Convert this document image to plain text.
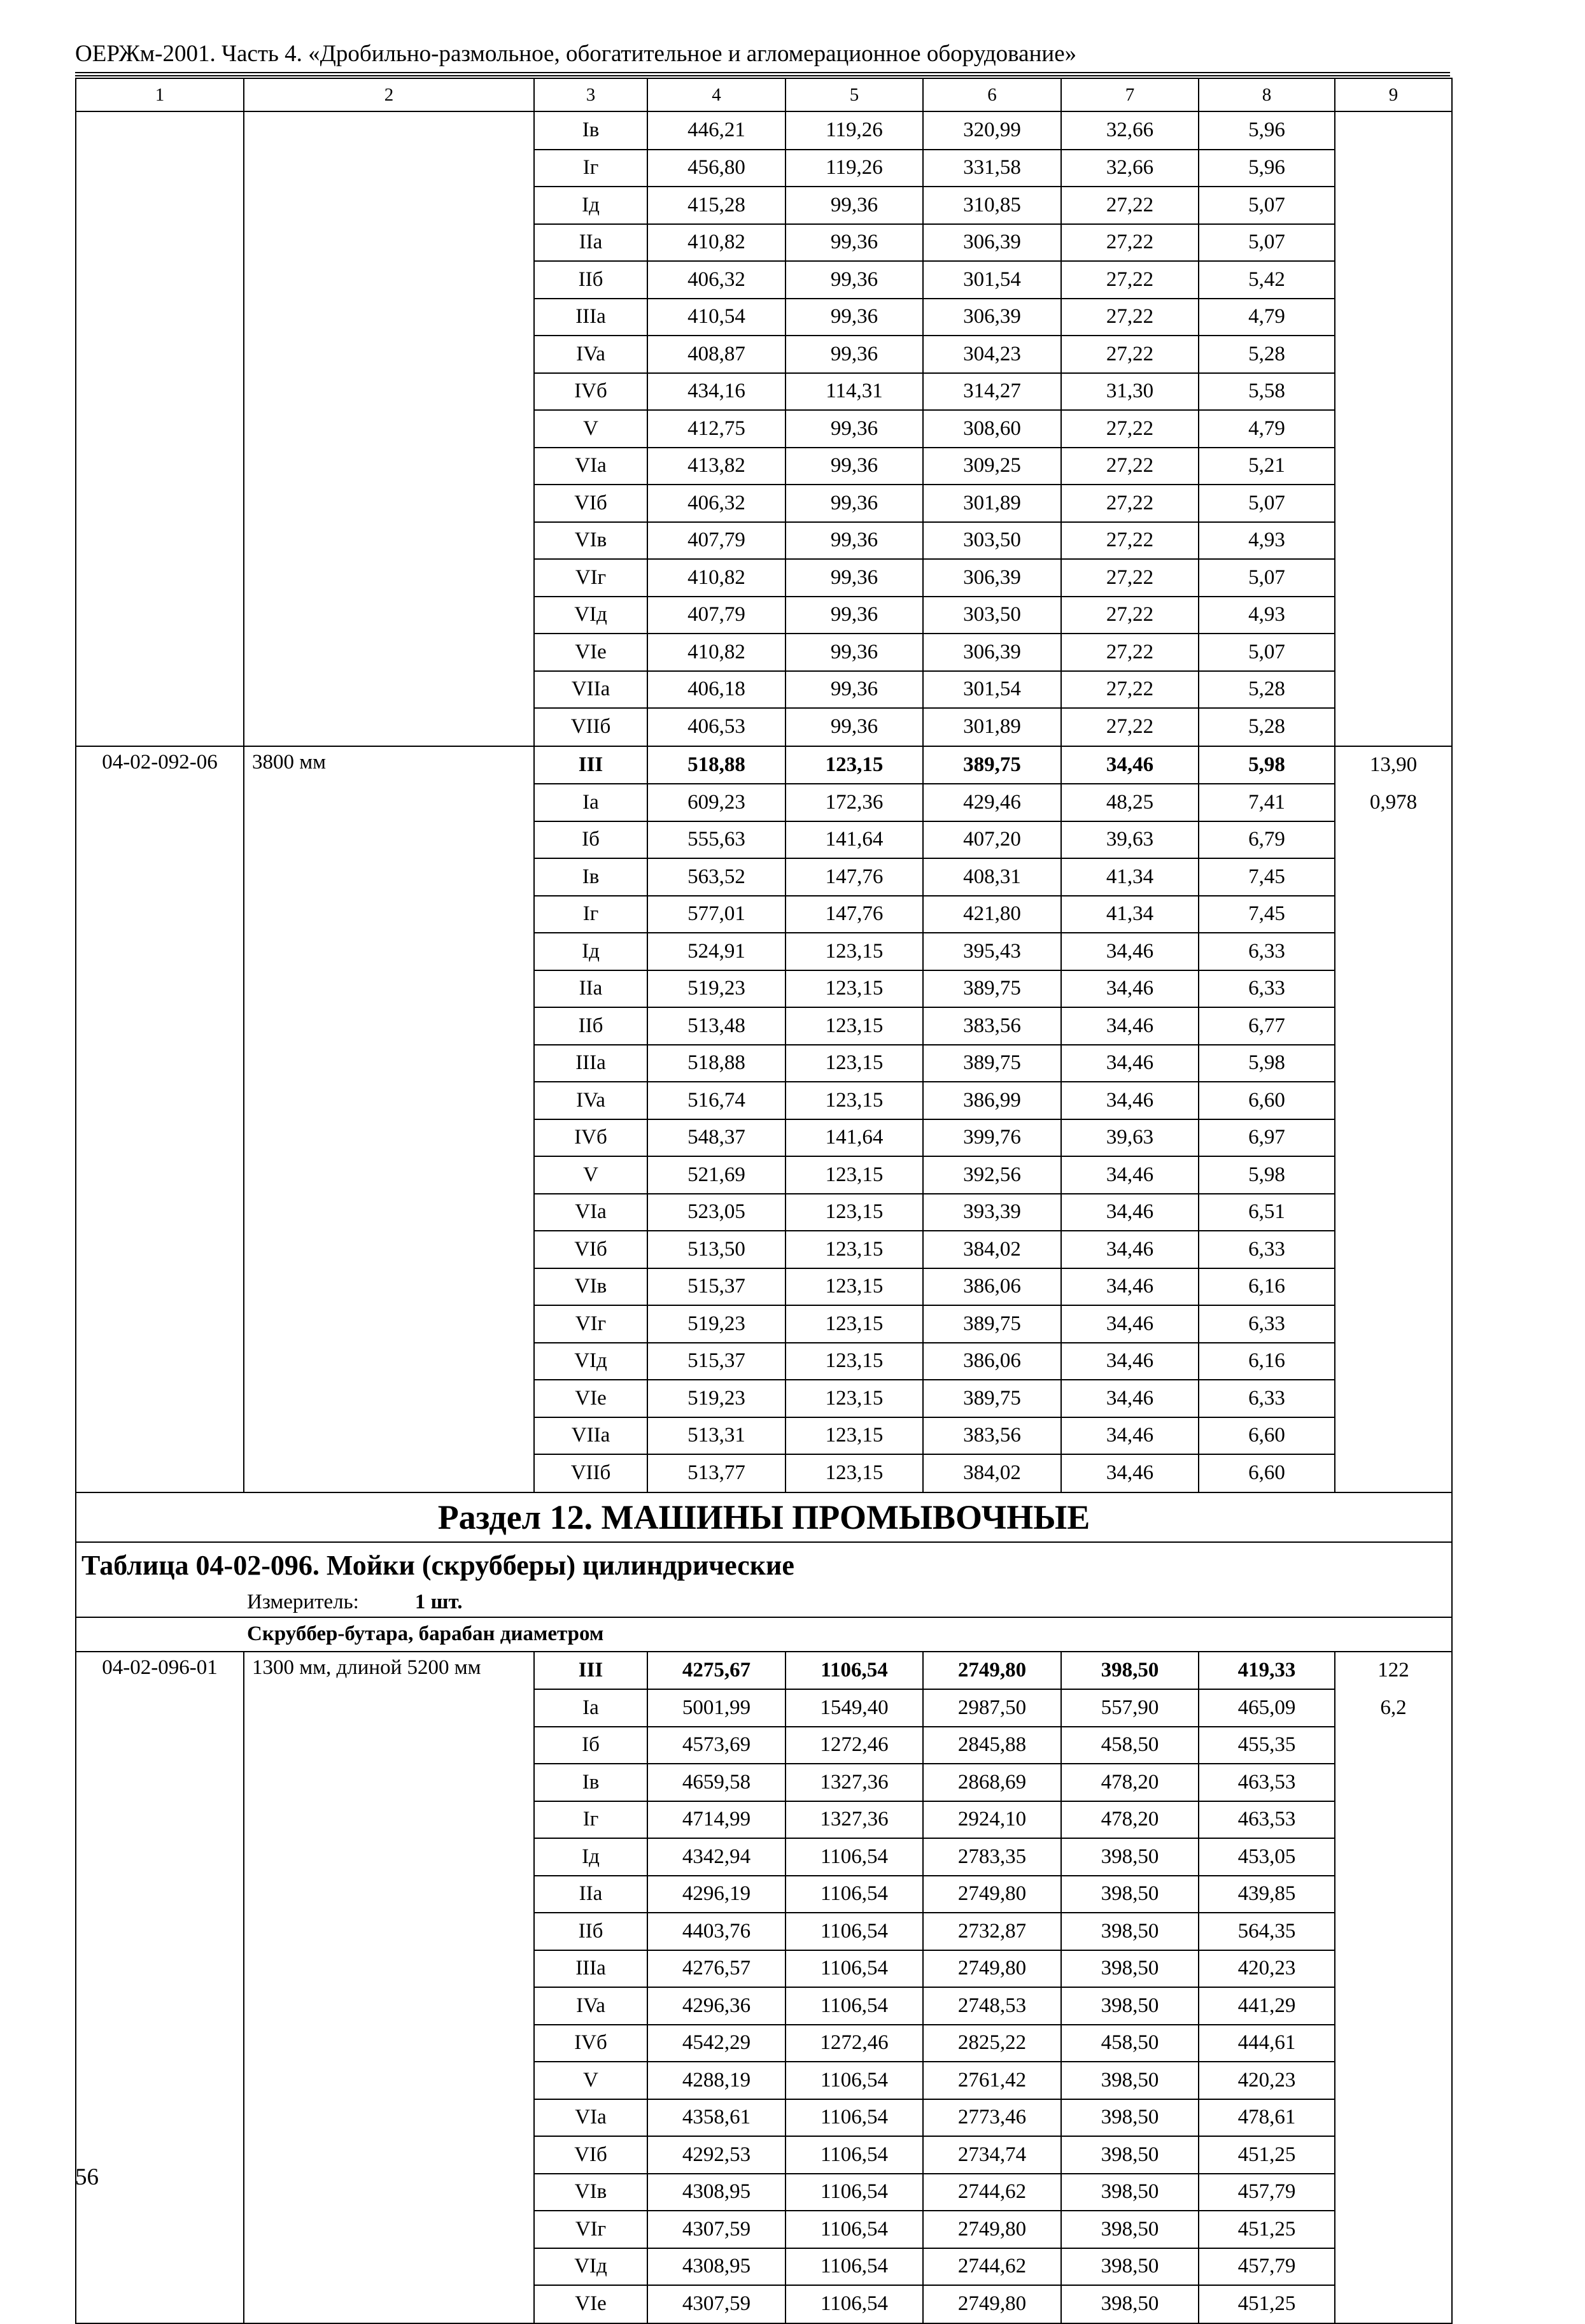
ОЕРЖм-2001. Часть 4. «Дробильно-размольное, обогатительное и агломерационное оборудование»
1	2	3	4	5	6	7	8	9
		Iв	446,21	119,26	320,99	32,66	5,96	
		Iг	456,80	119,26	331,58	32,66	5,96	
		Iд	415,28	99,36	310,85	27,22	5,07	
		IIa	410,82	99,36	306,39	27,22	5,07	
		IIб	406,32	99,36	301,54	27,22	5,42	
		IIIa	410,54	99,36	306,39	27,22	4,79	
		IVa	408,87	99,36	304,23	27,22	5,28	
		IVб	434,16	114,31	314,27	31,30	5,58	
		V	412,75	99,36	308,60	27,22	4,79	
		VIa	413,82	99,36	309,25	27,22	5,21	
		VIб	406,32	99,36	301,89	27,22	5,07	
		VIв	407,79	99,36	303,50	27,22	4,93	
		VIг	410,82	99,36	306,39	27,22	5,07	
		VIд	407,79	99,36	303,50	27,22	4,93	
		VIe	410,82	99,36	306,39	27,22	5,07	
		VIIa	406,18	99,36	301,54	27,22	5,28	
		VIIб	406,53	99,36	301,89	27,22	5,28	
04-02-092-06	3800 мм	III	518,88	123,15	389,75	34,46	5,98	13,90
		Ia	609,23	172,36	429,46	48,25	7,41	0,978
		Iб	555,63	141,64	407,20	39,63	6,79	
		Iв	563,52	147,76	408,31	41,34	7,45	
		Iг	577,01	147,76	421,80	41,34	7,45	
		Iд	524,91	123,15	395,43	34,46	6,33	
		IIa	519,23	123,15	389,75	34,46	6,33	
		IIб	513,48	123,15	383,56	34,46	6,77	
		IIIa	518,88	123,15	389,75	34,46	5,98	
		IVa	516,74	123,15	386,99	34,46	6,60	
		IVб	548,37	141,64	399,76	39,63	6,97	
		V	521,69	123,15	392,56	34,46	5,98	
		VIa	523,05	123,15	393,39	34,46	6,51	
		VIб	513,50	123,15	384,02	34,46	6,33	
		VIв	515,37	123,15	386,06	34,46	6,16	
		VIг	519,23	123,15	389,75	34,46	6,33	
		VIд	515,37	123,15	386,06	34,46	6,16	
		VIe	519,23	123,15	389,75	34,46	6,33	
		VIIa	513,31	123,15	383,56	34,46	6,60	
		VIIб	513,77	123,15	384,02	34,46	6,60	
Раздел 12. МАШИНЫ ПРОМЫВОЧНЫЕ								
Таблица 04-02-096. Мойки (скрубберы) цилиндрические								
Измеритель: 1 шт.								
Скруббер-бутара, барабан диаметром								
04-02-096-01	1300 мм, длиной 5200 мм	III	4275,67	1106,54	2749,80	398,50	419,33	122
		Ia	5001,99	1549,40	2987,50	557,90	465,09	6,2
		Iб	4573,69	1272,46	2845,88	458,50	455,35	
		Iв	4659,58	1327,36	2868,69	478,20	463,53	
		Iг	4714,99	1327,36	2924,10	478,20	463,53	
		Iд	4342,94	1106,54	2783,35	398,50	453,05	
		IIa	4296,19	1106,54	2749,80	398,50	439,85	
		IIб	4403,76	1106,54	2732,87	398,50	564,35	
		IIIa	4276,57	1106,54	2749,80	398,50	420,23	
		IVa	4296,36	1106,54	2748,53	398,50	441,29	
		IVб	4542,29	1272,46	2825,22	458,50	444,61	
		V	4288,19	1106,54	2761,42	398,50	420,23	
		VIa	4358,61	1106,54	2773,46	398,50	478,61	
		VIб	4292,53	1106,54	2734,74	398,50	451,25	
		VIв	4308,95	1106,54	2744,62	398,50	457,79	
		VIг	4307,59	1106,54	2749,80	398,50	451,25	
		VIд	4308,95	1106,54	2744,62	398,50	457,79	
		VIe	4307,59	1106,54	2749,80	398,50	451,25	
56
